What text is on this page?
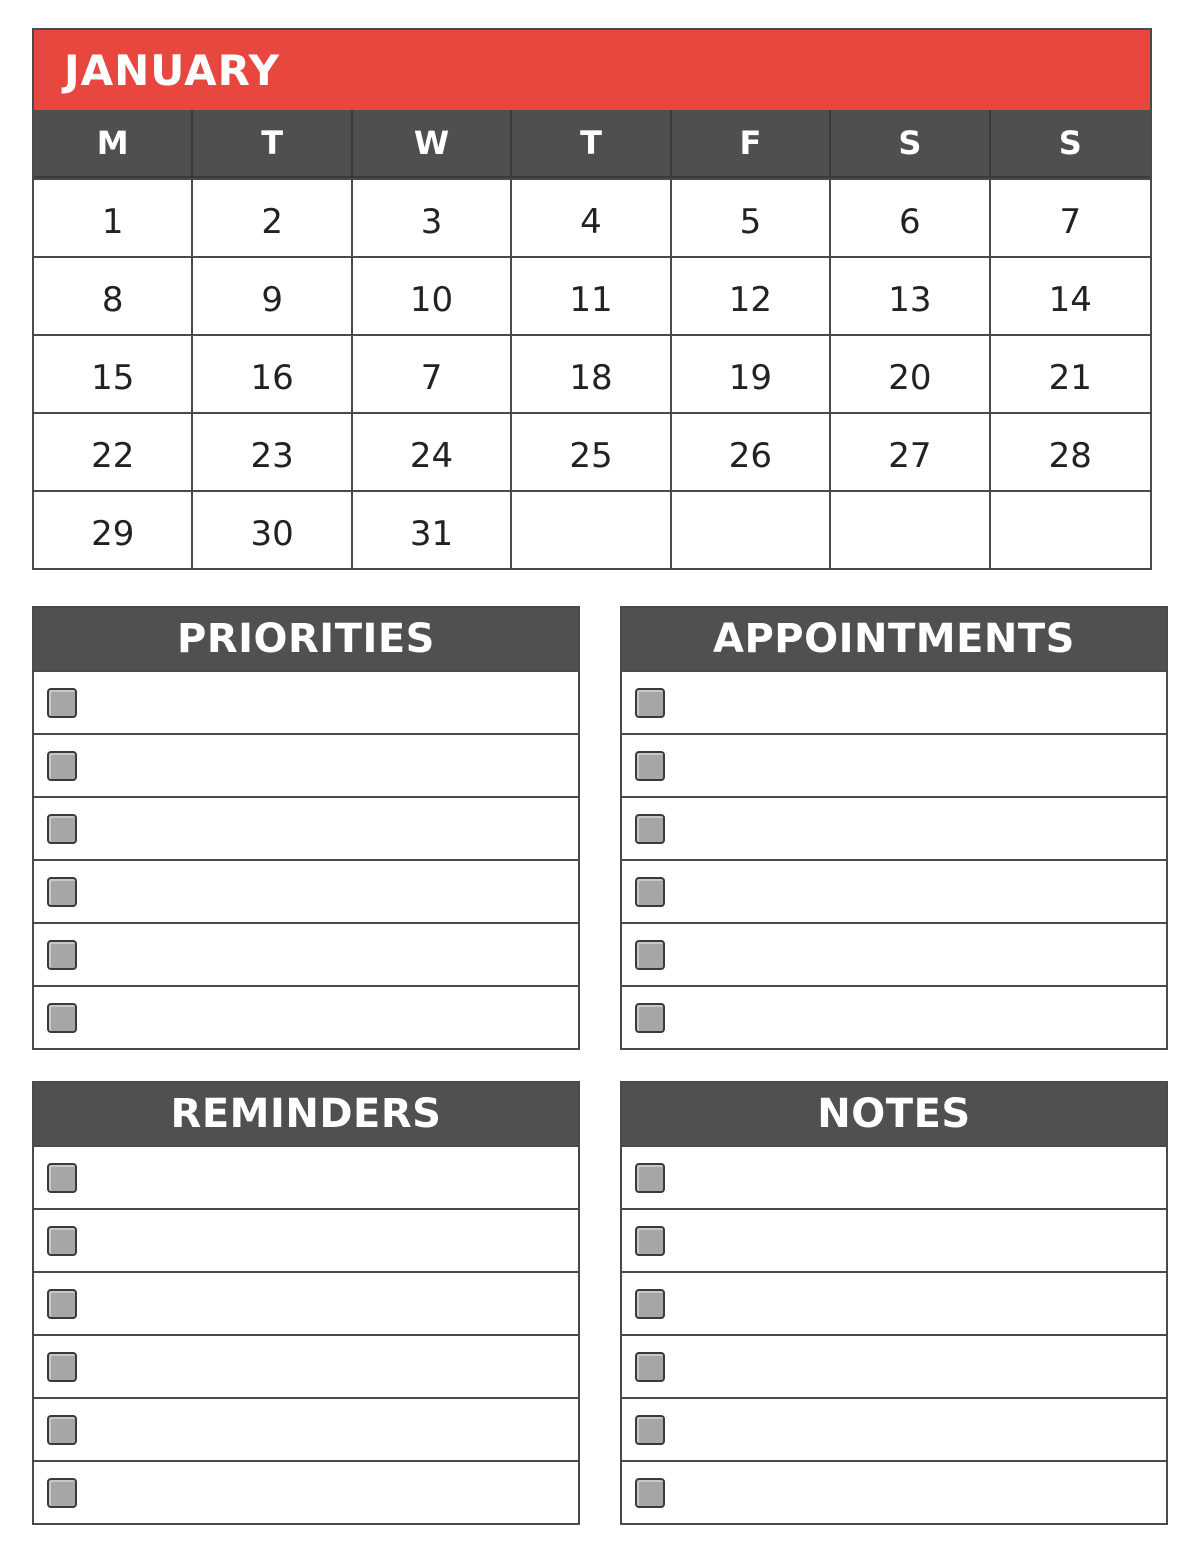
JANUARY
M	T	W	T	F	S	S
1	2	3	4	5	6	7
8	9	10	11	12	13	14
15	16	7	18	19	20	21
22	23	24	25	26	27	28
29	30	31
PRIORITIES	APPOINTMENTS
REMINDERS	NOTES
